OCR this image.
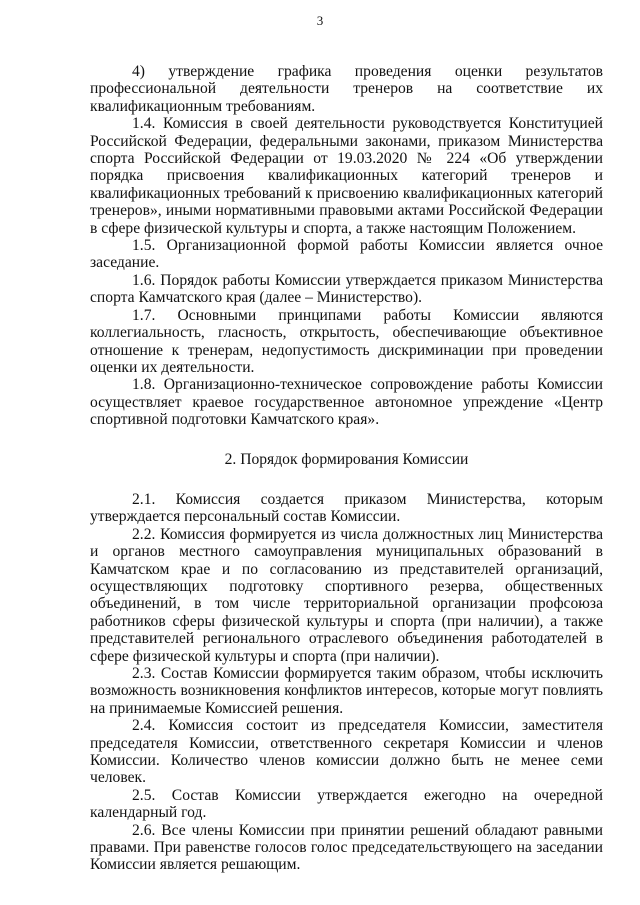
3

4) утверждение графика проведения оценки результатов профессиональной деятельности тренеров на соответствие их квалификационным требованиям.

1.4. Комиссия в своей деятельности руководствуется Конституцией Российской Федерации, федеральными законами, приказом Министерства спорта Российской Федерации от 19.03.2020 № 224 «Об утверждении порядка присвоения квалификационных категорий тренеров и квалификационных требований к присвоению квалификационных категорий тренеров», иными нормативными правовыми актами Российской Федерации в сфере физической культуры и спорта, а также настоящим Положением.

1.5. Организационной формой работы Комиссии является очное заседание.

1.6. Порядок работы Комиссии утверждается приказом Министерства спорта Камчатского края (далее – Министерство).

1.7. Основными принципами работы Комиссии являются коллегиальность, гласность, открытость, обеспечивающие объективное отношение к тренерам, недопустимость дискриминации при проведении оценки их деятельности.

1.8. Организационно-техническое сопровождение работы Комиссии осуществляет краевое государственное автономное упреждение «Центр спортивной подготовки Камчатского края».

2. Порядок формирования Комиссии

2.1. Комиссия создается приказом Министерства, которым утверждается персональный состав Комиссии.

2.2. Комиссия формируется из числа должностных лиц Министерства и органов местного самоуправления муниципальных образований в Камчатском крае и по согласованию из представителей организаций, осуществляющих подготовку спортивного резерва, общественных объединений, в том числе территориальной организации профсоюза работников сферы физической культуры и спорта (при наличии), а также представителей регионального отраслевого объединения работодателей в сфере физической культуры и спорта (при наличии).

2.3. Состав Комиссии формируется таким образом, чтобы исключить возможность возникновения конфликтов интересов, которые могут повлиять на принимаемые Комиссией решения.

2.4. Комиссия состоит из председателя Комиссии, заместителя председателя Комиссии, ответственного секретаря Комиссии и членов Комиссии. Количество членов комиссии должно быть не менее семи человек.

2.5. Состав Комиссии утверждается ежегодно на очередной календарный год.

2.6. Все члены Комиссии при принятии решений обладают равными правами. При равенстве голосов голос председательствующего на заседании Комиссии является решающим.
